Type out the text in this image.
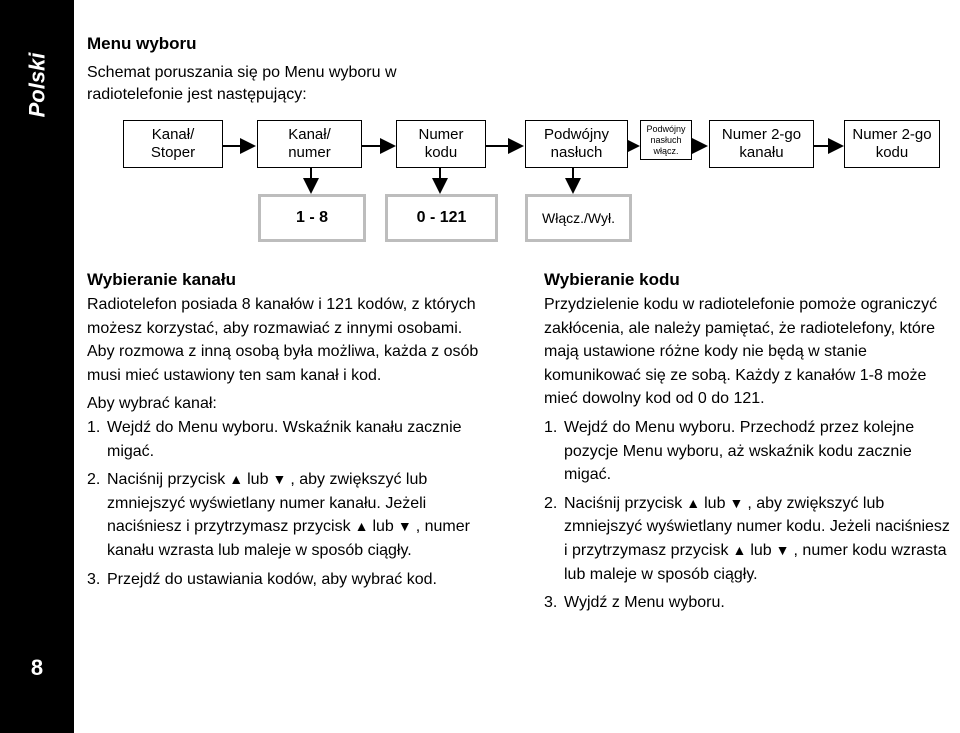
Polski
8
Menu wyboru
Schemat poruszania się po Menu wyboru w radiotelefonie jest następujący:
Kanał/
Stoper
Kanał/
numer
Numer
kodu
Podwójny
nasłuch
Podwójny
nasłuch
włącz.
Numer 2-go
kanału
Numer 2-go
kodu
1 - 8	0 - 121	Włącz./Wył.
Wybieranie kanału

Radiotelefon posiada 8 kanałów i 121 kodów, z których możesz korzystać, aby rozmawiać z innymi osobami. Aby rozmowa z inną osobą była możliwa, każda z osób musi mieć ustawiony ten sam kanał i kod.

Aby wybrać kanał:

1. Wejdź do Menu wyboru. Wskaźnik kanału zacznie migać.
2. Naciśnij przycisk ▲ lub ▼ , aby zwiększyć lub zmniejszyć wyświetlany numer kanału. Jeżeli naciśniesz i przytrzymasz przycisk ▲ lub ▼ , numer kanału wzrasta lub maleje w sposób ciągły.
3. Przejdź do ustawiania kodów, aby wybrać kod.
Wybieranie kodu

Przydzielenie kodu w radiotelefonie pomoże ograniczyć zakłócenia, ale należy pamiętać, że radiotelefony, które mają ustawione różne kody nie będą w stanie komunikować się ze sobą. Każdy z kanałów 1-8 może mieć dowolny kod od 0 do 121.

1. Wejdź do Menu wyboru. Przechodź przez kolejne pozycje Menu wyboru, aż wskaźnik kodu zacznie migać.
2. Naciśnij przycisk ▲ lub ▼ , aby zwiększyć lub zmniejszyć wyświetlany numer kodu. Jeżeli naciśniesz i przytrzymasz przycisk ▲ lub ▼ , numer kodu wzrasta lub maleje w sposób ciągły.
3. Wyjdź z Menu wyboru.
